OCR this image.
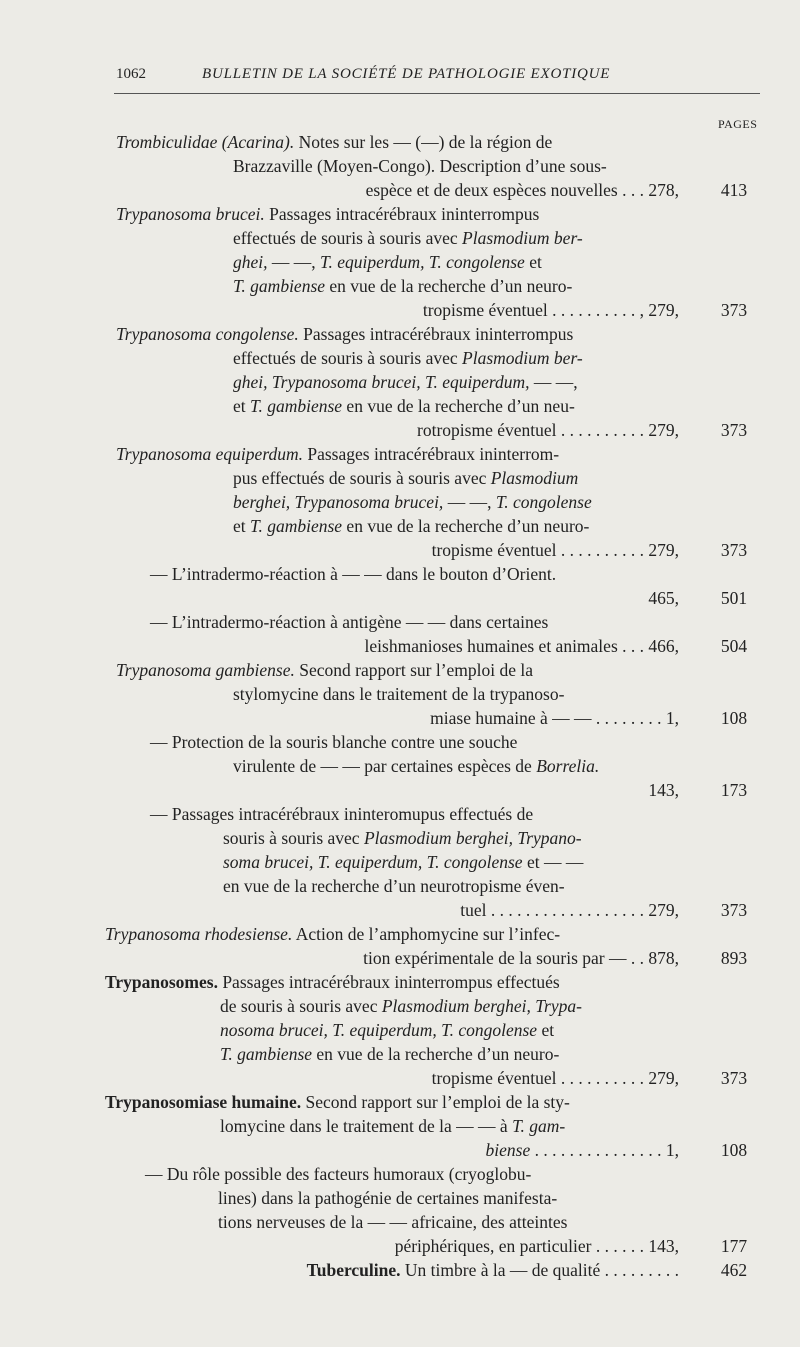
1062	BULLETIN DE LA SOCIÉTÉ DE PATHOLOGIE EXOTIQUE
PAGES
Trombiculidae (Acarina). Notes sur les — (—) de la région de
Brazzaville (Moyen-Congo). Description d’une sous-
espèce et de deux espèces nouvelles . . . 278,	413
Trypanosoma brucei. Passages intracérébraux ininterrompus
effectués de souris à souris avec Plasmodium ber-
ghei, — —, T. equiperdum, T. congolense et
T. gambiense en vue de la recherche d’un neuro-
tropisme éventuel . . . . . . . . . . , 279,	373
Trypanosoma congolense. Passages intracérébraux ininterrompus
effectués de souris à souris avec Plasmodium ber-
ghei, Trypanosoma brucei, T. equiperdum, — —,
et T. gambiense en vue de la recherche d’un neu-
rotropisme éventuel . . . . . . . . . . 279,	373
Trypanosoma equiperdum. Passages intracérébraux ininterrom-
pus effectués de souris à souris avec Plasmodium
berghei, Trypanosoma brucei, — —, T. congolense
et T. gambiense en vue de la recherche d’un neuro-
tropisme éventuel . . . . . . . . . . 279,	373
— L’intradermo-réaction à — — dans le bouton d’Orient.
465,	501
— L’intradermo-réaction à antigène — — dans certaines
leishmanioses humaines et animales . . . 466,	504
Trypanosoma gambiense. Second rapport sur l’emploi de la
stylomycine dans le traitement de la trypanoso-
miase humaine à — — . . . . . . . . 1,	108
— Protection de la souris blanche contre une souche
virulente de — — par certaines espèces de Borrelia.
143,	173
— Passages intracérébraux ininteromupus effectués de
souris à souris avec Plasmodium berghei, Trypano-
soma brucei, T. equiperdum, T. congolense et — —
en vue de la recherche d’un neurotropisme éven-
tuel . . . . . . . . . . . . . . . . . . 279,	373
Trypanosoma rhodesiense. Action de l’amphomycine sur l’infec-
tion expérimentale de la souris par — . . 878,	893
Trypanosomes. Passages intracérébraux ininterrompus effectués
de souris à souris avec Plasmodium berghei, Trypa-
nosoma brucei, T. equiperdum, T. congolense et
T. gambiense en vue de la recherche d’un neuro-
tropisme éventuel . . . . . . . . . . 279,	373
Trypanosomiase humaine. Second rapport sur l’emploi de la sty-
lomycine dans le traitement de la — — à T. gam-
biense . . . . . . . . . . . . . . . 1,	108
— Du rôle possible des facteurs humoraux (cryoglobu-
lines) dans la pathogénie de certaines manifesta-
tions nerveuses de la — — africaine, des atteintes
périphériques, en particulier . . . . . . 143,	177
Tuberculine. Un timbre à la — de qualité . . . . . . . . .	462
